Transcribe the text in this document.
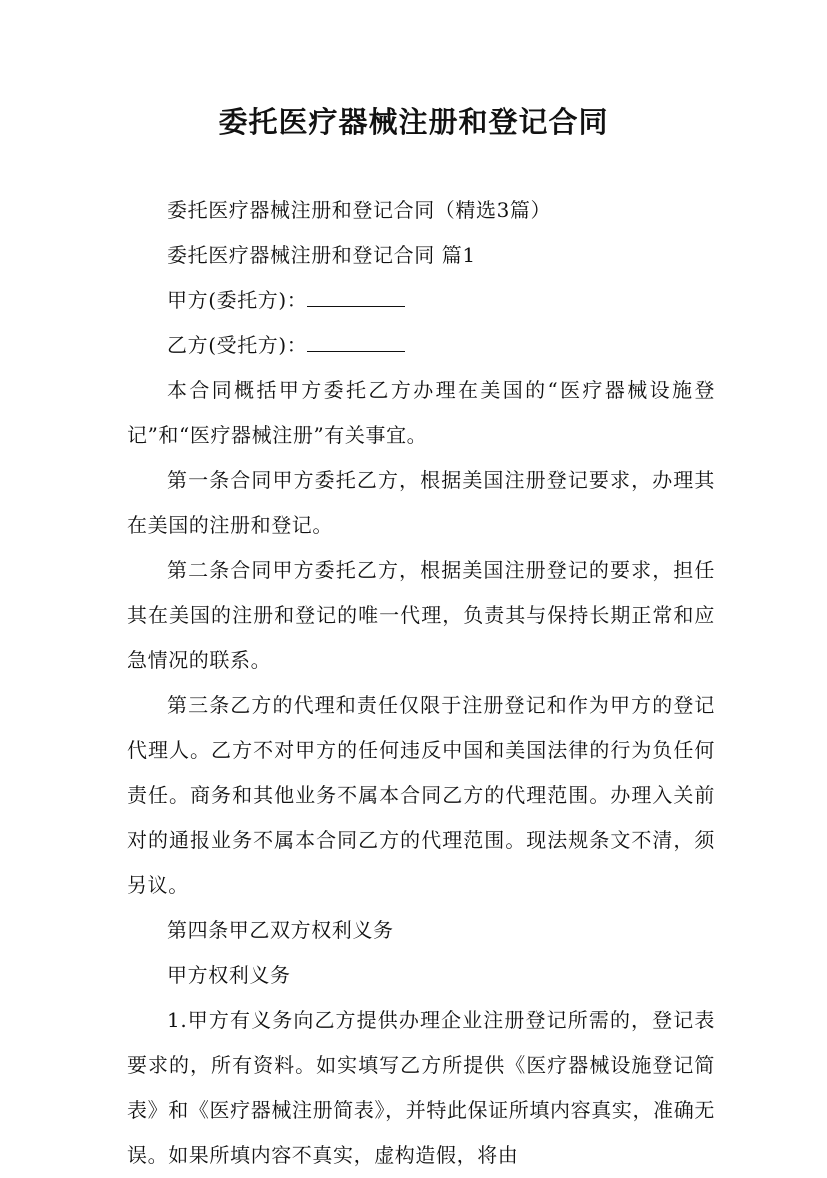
委托医疗器械注册和登记合同

委托医疗器械注册和登记合同（精选3篇）

委托医疗器械注册和登记合同 篇1

甲方(委托方)：

乙方(受托方)：

本合同概括甲方委托乙方办理在美国的“医疗器械设施登记”和“医疗器械注册”有关事宜。

第一条合同甲方委托乙方，根据美国注册登记要求，办理其在美国的注册和登记。

第二条合同甲方委托乙方，根据美国注册登记的要求，担任其在美国的注册和登记的唯一代理，负责其与保持长期正常和应急情况的联系。

第三条乙方的代理和责任仅限于注册登记和作为甲方的登记代理人。乙方不对甲方的任何违反中国和美国法律的行为负任何责任。商务和其他业务不属本合同乙方的代理范围。办理入关前对的通报业务不属本合同乙方的代理范围。现法规条文不清，须另议。

第四条甲乙双方权利义务

甲方权利义务

1.甲方有义务向乙方提供办理企业注册登记所需的，登记表要求的，所有资料。如实填写乙方所提供《医疗器械设施登记简表》和《医疗器械注册简表》，并特此保证所填内容真实，准确无误。如果所填内容不真实，虚构造假，将由
